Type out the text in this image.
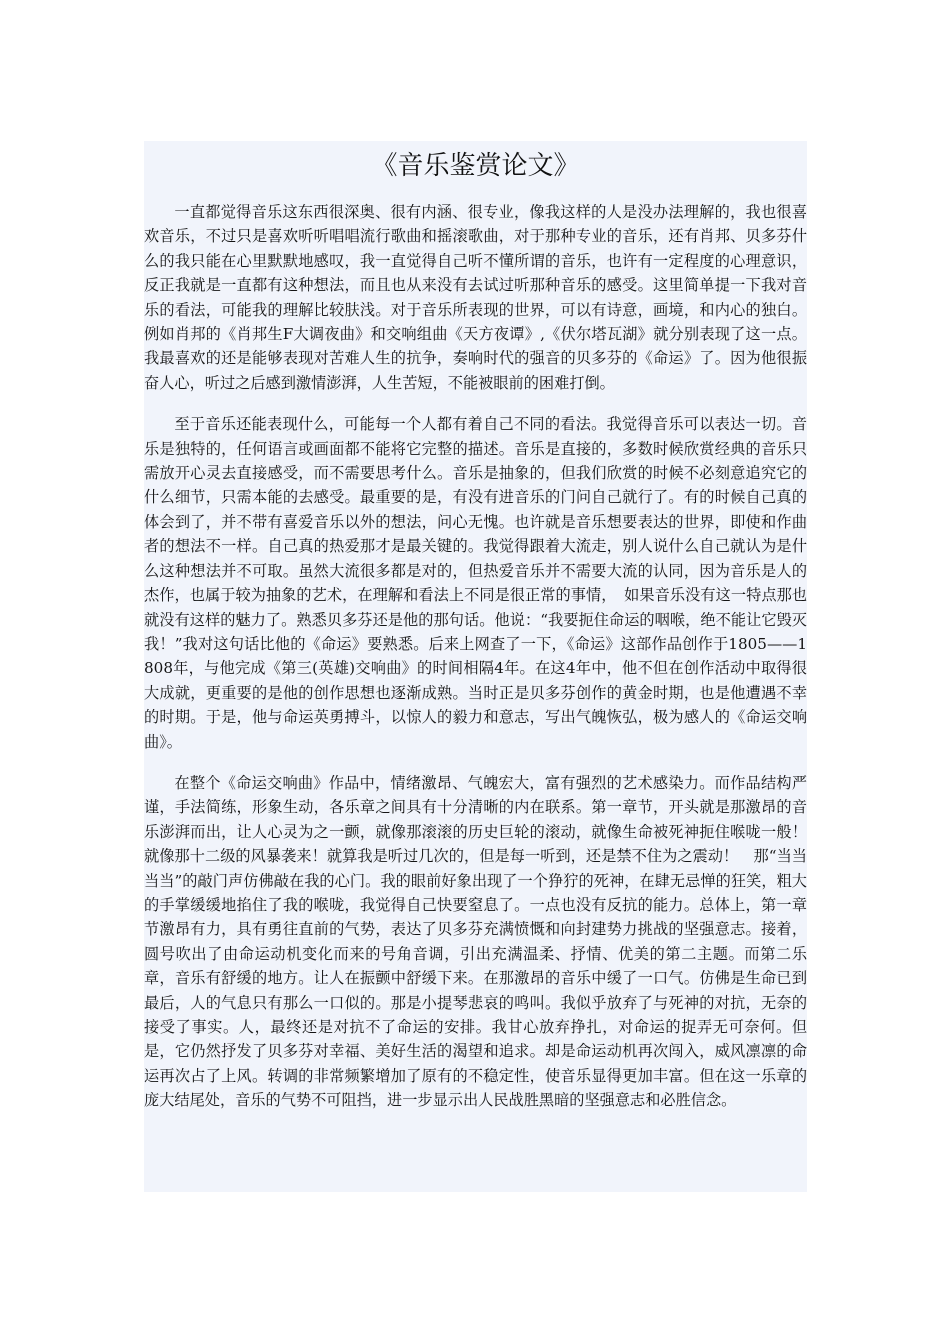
《音乐鉴赏论文》

一直都觉得音乐这东西很深奥、很有内涵、很专业，像我这样的人是没办法理解的，我也很喜欢音乐，不过只是喜欢听听唱唱流行歌曲和摇滚歌曲，对于那种专业的音乐，还有肖邦、贝多芬什么的我只能在心里默默地感叹，我一直觉得自己听不懂所谓的音乐，也许有一定程度的心理意识，反正我就是一直都有这种想法，而且也从来没有去试过听那种音乐的感受。这里简单提一下我对音乐的看法，可能我的理解比较肤浅。对于音乐所表现的世界，可以有诗意，画境，和内心的独白。例如肖邦的《肖邦生F大调夜曲》和交响组曲《天方夜谭》,《伏尔塔瓦湖》就分别表现了这一点。我最喜欢的还是能够表现对苦难人生的抗争，奏响时代的强音的贝多芬的《命运》了。因为他很振奋人心，听过之后感到激情澎湃，人生苦短，不能被眼前的困难打倒。

至于音乐还能表现什么，可能每一个人都有着自己不同的看法。我觉得音乐可以表达一切。音乐是独特的，任何语言或画面都不能将它完整的描述。音乐是直接的，多数时候欣赏经典的音乐只需放开心灵去直接感受，而不需要思考什么。音乐是抽象的，但我们欣赏的时候不必刻意追究它的什么细节，只需本能的去感受。最重要的是，有没有进音乐的门问自己就行了。有的时候自己真的体会到了，并不带有喜爱音乐以外的想法，问心无愧。也许就是音乐想要表达的世界，即使和作曲者的想法不一样。自己真的热爱那才是最关键的。我觉得跟着大流走，别人说什么自己就认为是什么这种想法并不可取。虽然大流很多都是对的，但热爱音乐并不需要大流的认同，因为音乐是人的杰作，也属于较为抽象的艺术，在理解和看法上不同是很正常的事情，　如果音乐没有这一特点那也就没有这样的魅力了。熟悉贝多芬还是他的那句话。他说：“我要扼住命运的咽喉，绝不能让它毁灭我！”我对这句话比他的《命运》要熟悉。后来上网查了一下，《命运》这部作品创作于1805——1808年，与他完成《第三(英雄)交响曲》的时间相隔4年。在这4年中，他不但在创作活动中取得很大成就，更重要的是他的创作思想也逐渐成熟。当时正是贝多芬创作的黄金时期，也是他遭遇不幸的时期。于是，他与命运英勇搏斗，以惊人的毅力和意志，写出气魄恢弘，极为感人的《命运交响曲》。

在整个《命运交响曲》作品中，情绪激昂、气魄宏大，富有强烈的艺术感染力。而作品结构严谨，手法简练，形象生动，各乐章之间具有十分清晰的内在联系。第一章节，开头就是那激昂的音乐澎湃而出，让人心灵为之一颤，就像那滚滚的历史巨轮的滚动，就像生命被死神扼住喉咙一般！就像那十二级的风暴袭来！就算我是听过几次的，但是每一听到，还是禁不住为之震动！　那“当当当当”的敲门声仿佛敲在我的心门。我的眼前好象出现了一个狰狞的死神，在肆无忌惮的狂笑，粗大的手掌缓缓地掐住了我的喉咙，我觉得自己快要窒息了。一点也没有反抗的能力。总体上，第一章节激昂有力，具有勇往直前的气势，表达了贝多芬充满愤慨和向封建势力挑战的坚强意志。接着，圆号吹出了由命运动机变化而来的号角音调，引出充满温柔、抒情、优美的第二主题。而第二乐章，音乐有舒缓的地方。让人在振颤中舒缓下来。在那激昂的音乐中缓了一口气。仿佛是生命已到最后，人的气息只有那么一口似的。那是小提琴悲哀的鸣叫。我似乎放弃了与死神的对抗，无奈的接受了事实。人，最终还是对抗不了命运的安排。我甘心放弃挣扎，对命运的捉弄无可奈何。但是，它仍然抒发了贝多芬对幸福、美好生活的渴望和追求。却是命运动机再次闯入，威风凛凛的命运再次占了上风。转调的非常频繁增加了原有的不稳定性，使音乐显得更加丰富。但在这一乐章的庞大结尾处，音乐的气势不可阻挡，进一步显示出人民战胜黑暗的坚强意志和必胜信念。
